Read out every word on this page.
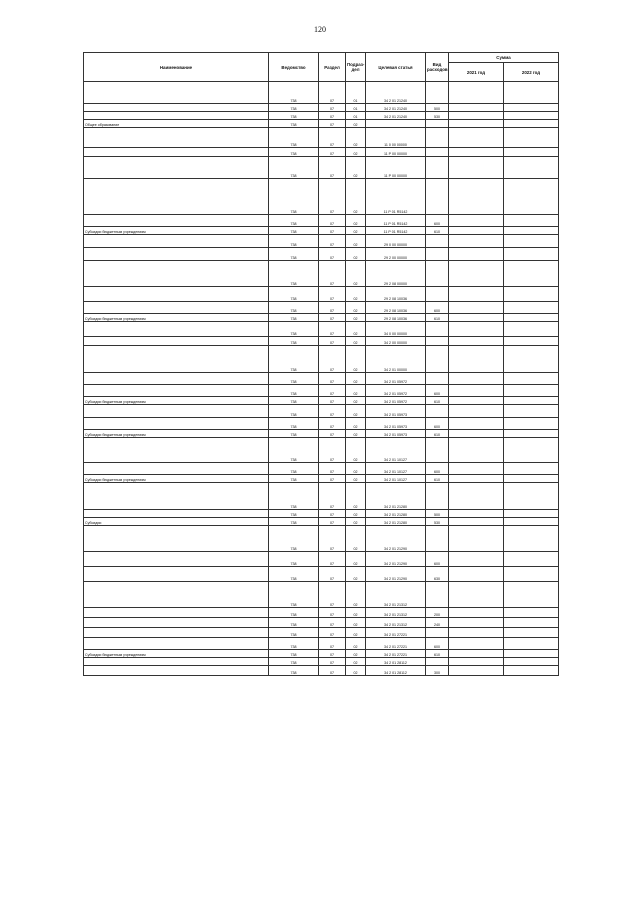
120
Наименование	Ведомство	Раздел	Подраз-
дел	Целевая статья	Вид
расходов	Сумма	
						2021 год	2022 год
	738	07	01	34 2 01 21240			
	738	07	01	34 2 01 21240	500		
	738	07	01	34 2 01 21240	530		
Общее образование	738	07	02				
	738	07	02	11 0 00 00000			
	738	07	02	11 Р 00 00000			
	738	07	02	11 Р 00 00000			
	738	07	02	11 Р 01 R5142			
	738	07	02	11 Р 01 R5142	600		
Субсидии бюджетным учреждениям	738	07	02	11 Р 01 R5142	610		
	738	07	02	29 0 00 00000			
	738	07	02	29 2 00 00000			
	738	07	02	29 2 08 00000			
	738	07	02	29 2 08 10036			
	738	07	02	29 2 08 10036	600		
Субсидии бюджетным учреждениям	738	07	02	29 2 08 10036	610		
	738	07	02	34 0 00 00000			
	738	07	02	34 2 00 00000			
	738	07	02	34 2 01 00000			
	738	07	02	34 2 01 05972			
	738	07	02	34 2 01 05972	600		
Субсидии бюджетным учреждениям	738	07	02	34 2 01 05972	610		
	738	07	02	34 2 01 05973			
	738	07	02	34 2 01 05973	600		
Субсидии бюджетным учреждениям	738	07	02	34 2 01 05973	610		
	738	07	02	34 2 01 10127			
	738	07	02	34 2 01 10127	600		
Субсидии бюджетным учреждениям	738	07	02	34 2 01 10127	610		
	738	07	02	34 2 01 21280			
	738	07	02	34 2 01 21280	500		
Субсидии	738	07	02	34 2 01 21280	530		
	738	07	02	34 2 01 21290			
	738	07	02	34 2 01 21290	600		
	738	07	02	34 2 01 21290	630		
	738	07	02	34 2 01 21312			
	738	07	02	34 2 01 21312	200		
	738	07	02	34 2 01 21312	240		
	738	07	02	34 2 01 27221			
	738	07	02	34 2 01 27221	600		
Субсидии бюджетным учреждениям	738	07	02	34 2 01 27221	610		
	738	07	02	34 2 01 28112			
	738	07	02	34 2 01 28112	300		
